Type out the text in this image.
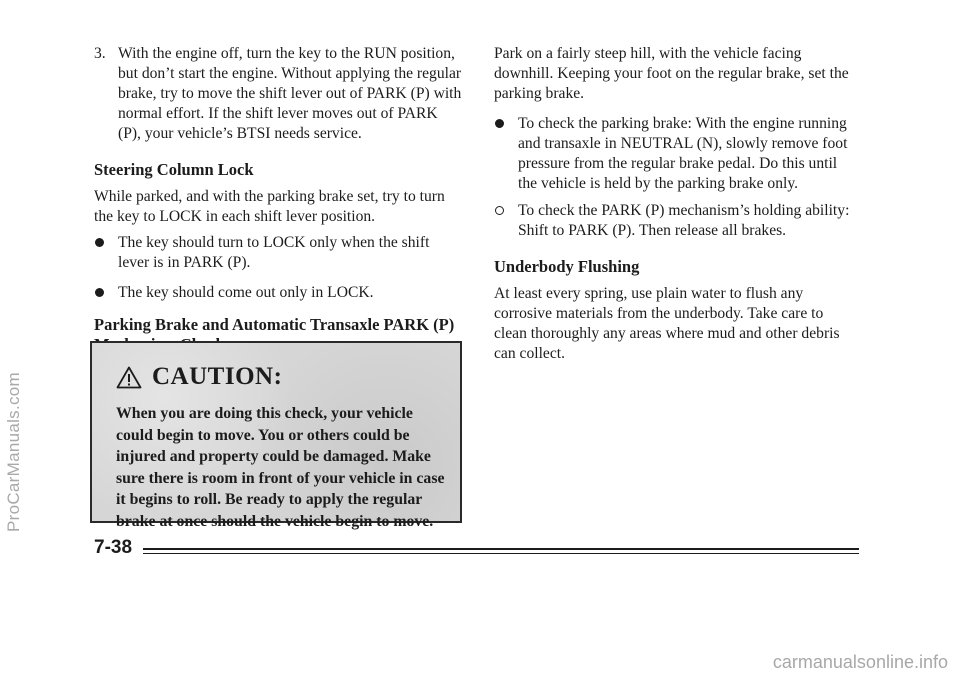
ProCarManuals.com
3. With the engine off, turn the key to the RUN position, but don’t start the engine. Without applying the regular brake, try to move the shift lever out of PARK (P) with normal effort. If the shift lever moves out of PARK (P), your vehicle’s BTSI needs service.
Steering Column Lock

While parked, and with the parking brake set, try to turn the key to LOCK in each shift lever position.

The key should turn to LOCK only when the shift lever is in PARK (P).
The key should come out only in LOCK.
Parking Brake and Automatic Transaxle PARK (P)
CAUTION:
When you are doing this check, your vehicle could begin to move. You or others could be injured and property could be damaged. Make sure there is room in front of your vehicle in case it begins to roll. Be ready to apply the regular brake at once should the vehicle begin to move.

Park on a fairly steep hill, with the vehicle facing downhill. Keeping your foot on the regular brake, set the parking brake.

To check the parking brake: With the engine running and transaxle in NEUTRAL (N), slowly remove foot pressure from the regular brake pedal. Do this until the vehicle is held by the parking brake only.
To check the PARK (P) mechanism’s holding ability: Shift to PARK (P). Then release all brakes.
Underbody Flushing

At least every spring, use plain water to flush any corrosive materials from the underbody. Take care to clean thoroughly any areas where mud and other debris can collect.

7-38
carmanualsonline.info
